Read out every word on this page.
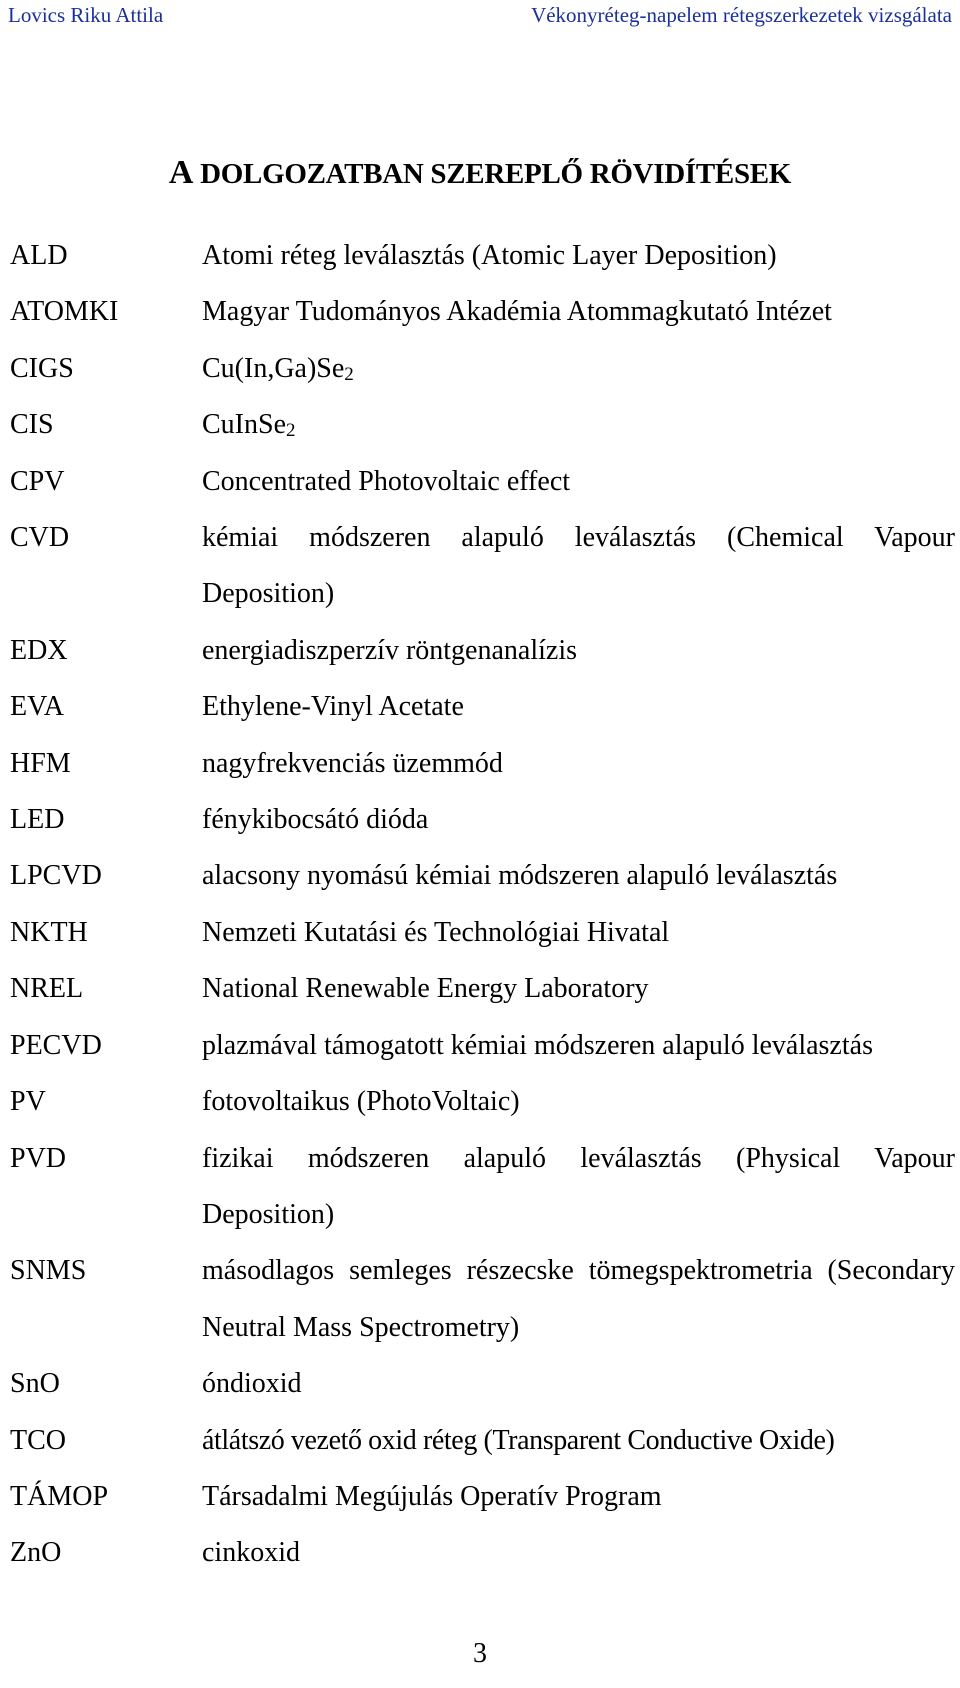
Lovics Riku Attila	Vékonyréteg-napelem rétegszerkezetek vizsgálata
A DOLGOZATBAN SZEREPLŐ RÖVIDÍTÉSEK
ALD	Atomi réteg leválasztás (Atomic Layer Deposition)
ATOMKI	Magyar Tudományos Akadémia Atommagkutató Intézet
CIGS	$Cu(In,Ga)Se_2$
CIS	CuInSe$_2$
CPV	Concentrated Photovoltaic effect
CVD	kémiai módszeren alapuló leválasztás (Chemical Vapour Deposition)
EDX	energiadiszperzív röntgenanalízis
EVA	Ethylene-Vinyl Acetate
HFM	nagyfrekvenciás üzemmód
LED	fénykibocsátó dióda
LPCVD	alacsony nyomású kémiai módszeren alapuló leválasztás
NKTH	Nemzeti Kutatási és Technológiai Hivatal
NREL	National Renewable Energy Laboratory
PECVD	plazmával támogatott kémiai módszeren alapuló leválasztás
PV	fotovoltaikus (PhotoVoltaic)
PVD	fizikai módszeren alapuló leválasztás (Physical Vapour Deposition)
SNMS	másodlagos semleges részecske tömegspektrometria (Secondary Neutral Mass Spectrometry)
SnO	óndioxid
TCO	átlátszó vezető oxid réteg (Transparent Conductive Oxide)
TÁMOP	Társadalmi Megújulás Operatív Program
ZnO	cinkoxid
3
